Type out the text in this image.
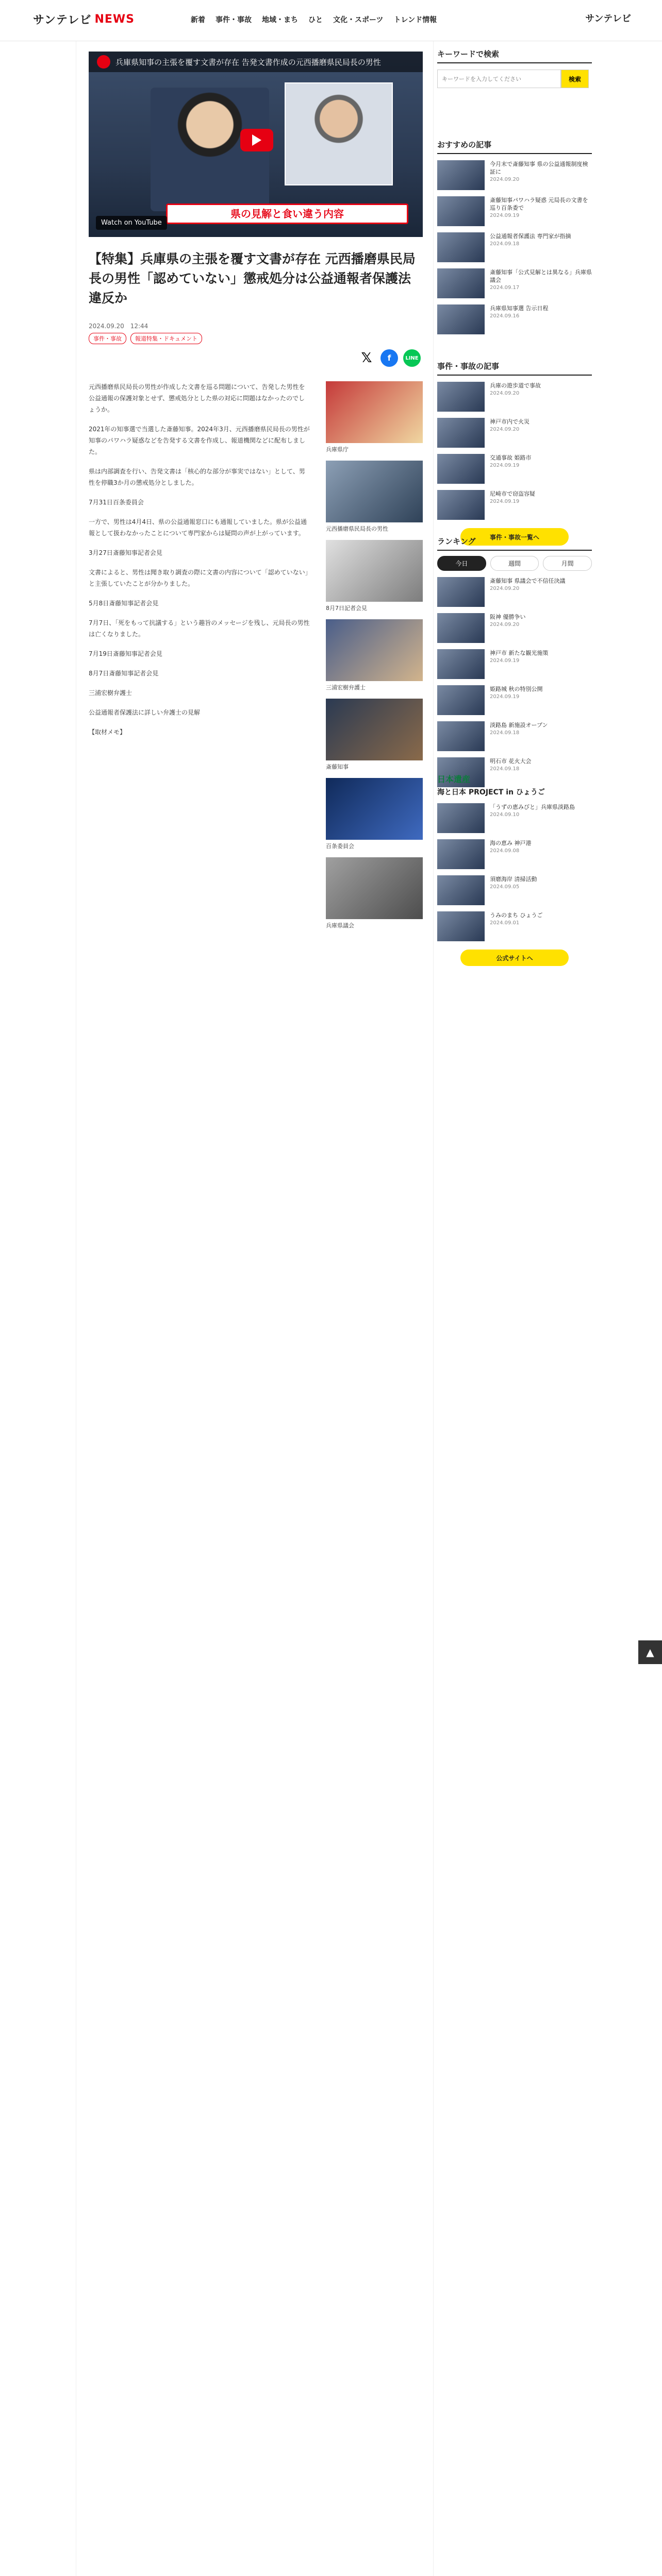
サンテレビ NEWS	新着 事件・事故 地域・まち ひと 文化・スポーツ トレンド情報	サンテレビ
兵庫県知事の主張を覆す文書が存在 告発文書作成の元西播磨県民局長の男性
県の見解と食い違う内容
Watch on YouTube
【特集】兵庫県の主張を覆す文書が存在 元西播磨県民局長の男性「認めていない」懲戒処分は公益通報者保護法違反か
2024.09.20　12:44
事件・事故	報道特集・ドキュメント
𝕏	f	LINE

元西播磨県民局長の男性が作成した文書を巡る問題について、告発した男性を公益通報の保護対象とせず、懲戒処分とした県の対応に問題はなかったのでしょうか。

2021年の知事選で当選した斎藤知事。2024年3月、元西播磨県民局長の男性が知事のパワハラ疑惑などを告発する文書を作成し、報道機関などに配布しました。

県は内部調査を行い、告発文書は「核心的な部分が事実ではない」として、男性を停職3か月の懲戒処分としました。

7月31日百条委員会

一方で、男性は4月4日、県の公益通報窓口にも通報していました。県が公益通報として扱わなかったことについて専門家からは疑問の声が上がっています。

3月27日斎藤知事記者会見

文書によると、男性は聞き取り調査の際に文書の内容について「認めていない」と主張していたことが分かりました。

5月8日斎藤知事記者会見

7月7日、「死をもって抗議する」という趣旨のメッセージを残し、元局長の男性は亡くなりました。

7月19日斎藤知事記者会見

8月7日斎藤知事記者会見

三浦宏樹弁護士

公益通報者保護法に詳しい弁護士の見解

【取材メモ】

兵庫県庁
元西播磨県民局長の男性
8月7日記者会見
三浦宏樹弁護士
斎藤知事
百条委員会
兵庫県議会
キーワードで検索
キーワードを入力してください
検索
おすすめの記事
今月末で斎藤知事 県の公益通報制度検証に
2024.09.20
斎藤知事パワハラ疑惑 元局長の文書を巡り百条委で
2024.09.19
公益通報者保護法 専門家が指摘
2024.09.18
斎藤知事「公式見解とは異なる」兵庫県議会
2024.09.17
兵庫県知事選 告示日程
2024.09.16
事件・事故の記事
兵庫の遊歩道で事故
2024.09.20
神戸市内で火災
2024.09.20
交通事故 姫路市
2024.09.19
尼崎市で窃盗容疑
2024.09.19
事件・事故一覧へ
ランキング
今日	週間	月間
斎藤知事 県議会で不信任決議
2024.09.20
阪神 優勝争い
2024.09.20
神戸市 新たな観光施策
2024.09.19
姫路城 秋の特別公開
2024.09.19
淡路島 新施設オープン
2024.09.18
明石市 花火大会
2024.09.18
日本遺産
海と日本 PROJECT in ひょうご
「うずの恵みびと」兵庫県淡路島
2024.09.10
海の恵み 神戸港
2024.09.08
須磨海岸 清掃活動
2024.09.05
うみのまち ひょうご
2024.09.01
公式サイトへ
▲
